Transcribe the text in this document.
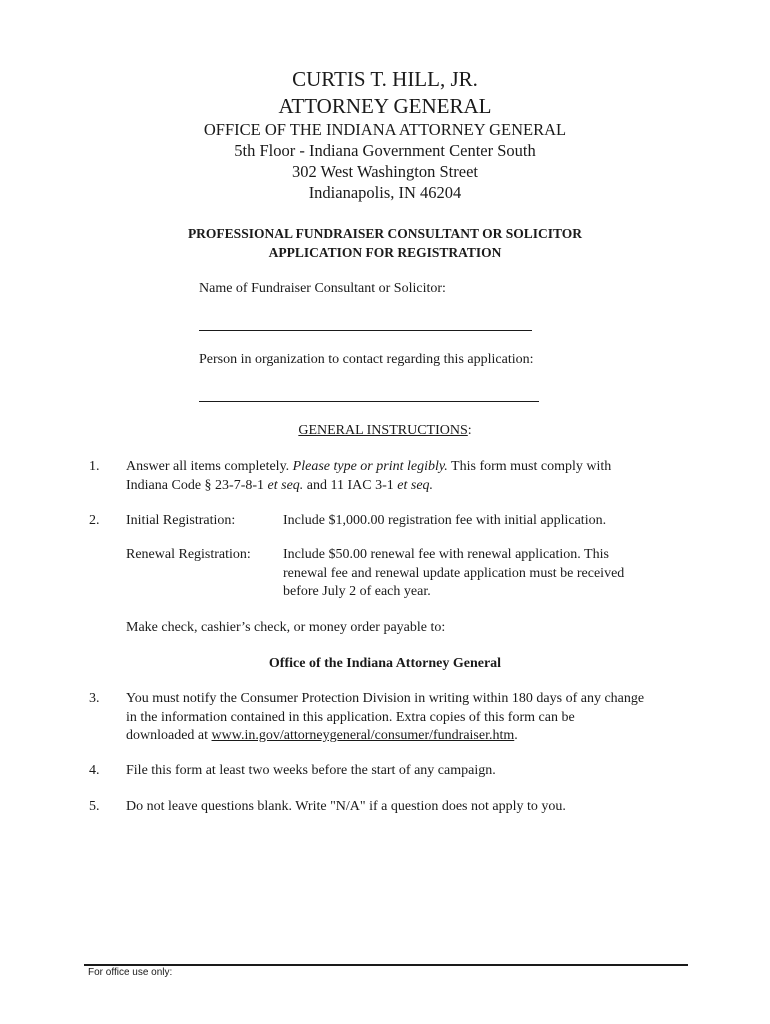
CURTIS T. HILL, JR.
ATTORNEY GENERAL
OFFICE OF THE INDIANA ATTORNEY GENERAL
5th Floor - Indiana Government Center South
302 West Washington Street
Indianapolis, IN 46204
PROFESSIONAL FUNDRAISER CONSULTANT OR SOLICITOR
APPLICATION FOR REGISTRATION
Name of Fundraiser Consultant or Solicitor:
Person in organization to contact regarding this application:
GENERAL INSTRUCTIONS:
1. Answer all items completely. Please type or print legibly. This form must comply with
Indiana Code § 23-7-8-1 et seq. and 11 IAC 3-1 et seq.
2. Initial Registration:	Include $1,000.00 registration fee with initial application.
Renewal Registration: Include $50.00 renewal fee with renewal application. This
renewal fee and renewal update application must be received
before July 2 of each year.
Make check, cashier’s check, or money order payable to:
Office of the Indiana Attorney General
3. You must notify the Consumer Protection Division in writing within 180 days of any change
in the information contained in this application. Extra copies of this form can be
downloaded at www.in.gov/attorneygeneral/consumer/fundraiser.htm.
4. File this form at least two weeks before the start of any campaign.
5. Do not leave questions blank. Write "N/A" if a question does not apply to you.
For office use only:
